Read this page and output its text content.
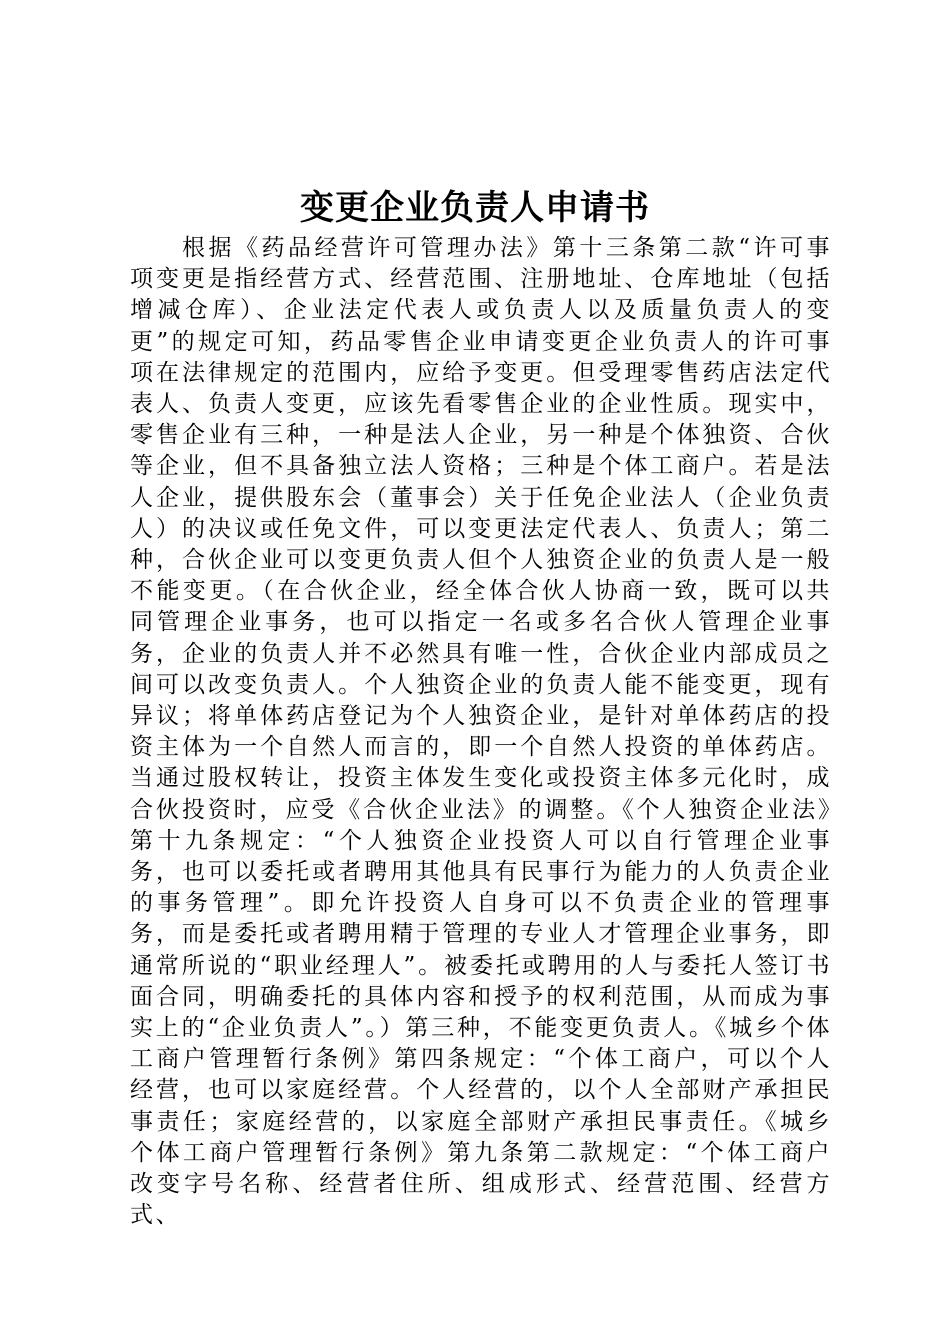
变更企业负责人申请书

根据《药品经营许可管理办法》第十三条第二款“许可事项变更是指经营方式、经营范围、注册地址、仓库地址（包括增减仓库）、企业法定代表人或负责人以及质量负责人的变更”的规定可知，药品零售企业申请变更企业负责人的许可事项在法律规定的范围内，应给予变更。但受理零售药店法定代表人、负责人变更，应该先看零售企业的企业性质。现实中，零售企业有三种，一种是法人企业，另一种是个体独资、合伙等企业，但不具备独立法人资格；三种是个体工商户。若是法人企业，提供股东会（董事会）关于任免企业法人（企业负责人）的决议或任免文件，可以变更法定代表人、负责人；第二种，合伙企业可以变更负责人但个人独资企业的负责人是一般不能变更。（在合伙企业，经全体合伙人协商一致，既可以共同管理企业事务，也可以指定一名或多名合伙人管理企业事务，企业的负责人并不必然具有唯一性，合伙企业内部成员之间可以改变负责人。个人独资企业的负责人能不能变更，现有异议；将单体药店登记为个人独资企业，是针对单体药店的投资主体为一个自然人而言的，即一个自然人投资的单体药店。当通过股权转让，投资主体发生变化或投资主体多元化时，成合伙投资时，应受《合伙企业法》的调整。《个人独资企业法》第十九条规定：“个人独资企业投资人可以自行管理企业事务，也可以委托或者聘用其他具有民事行为能力的人负责企业的事务管理”。即允许投资人自身可以不负责企业的管理事务，而是委托或者聘用精于管理的专业人才管理企业事务，即通常所说的“职业经理人”。被委托或聘用的人与委托人签订书面合同，明确委托的具体内容和授予的权利范围，从而成为事实上的“企业负责人”。）第三种，不能变更负责人。《城乡个体工商户管理暂行条例》第四条规定：“个体工商户，可以个人经营，也可以家庭经营。个人经营的，以个人全部财产承担民事责任；家庭经营的，以家庭全部财产承担民事责任。《城乡个体工商户管理暂行条例》第九条第二款规定：“个体工商户改变字号名称、经营者住所、组成形式、经营范围、经营方式、
